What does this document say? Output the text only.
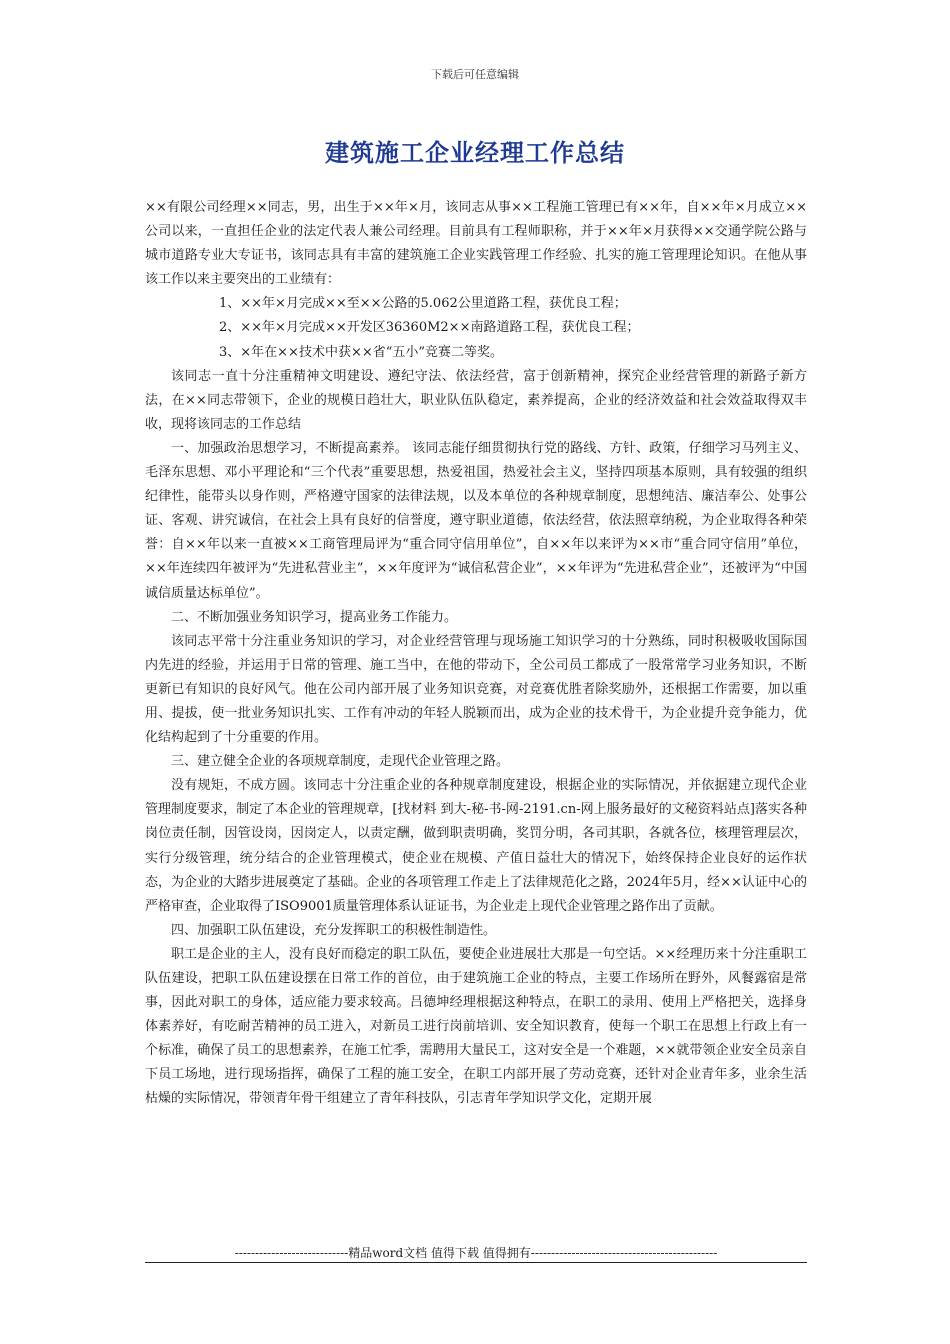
下载后可任意编辑
建筑施工企业经理工作总结

××有限公司经理××同志，男，出生于××年×月，该同志从事××工程施工管理已有××年，自××年×月成立××公司以来，一直担任企业的法定代表人兼公司经理。目前具有工程师职称，并于××年×月获得××交通学院公路与城市道路专业大专证书，该同志具有丰富的建筑施工企业实践管理工作经验、扎实的施工管理理论知识。在他从事该工作以来主要突出的工业绩有：

1、××年×月完成××至××公路的5.062公里道路工程，获优良工程；

2、××年×月完成××开发区36360M2××南路道路工程，获优良工程；

3、×年在××技术中获××省“五小”竞赛二等奖。

该同志一直十分注重精神文明建设、遵纪守法、依法经营，富于创新精神，探究企业经营管理的新路子新方法，在××同志带领下，企业的规模日趋壮大，职业队伍队稳定，素养提高，企业的经济效益和社会效益取得双丰收，现将该同志的工作总结

一、加强政治思想学习，不断提高素养。 该同志能仔细贯彻执行党的路线、方针、政策，仔细学习马列主义、毛泽东思想、邓小平理论和“三个代表”重要思想，热爱祖国，热爱社会主义，坚持四项基本原则，具有较强的组织纪律性，能带头以身作则，严格遵守国家的法律法规，以及本单位的各种规章制度，思想纯洁、廉洁奉公、处事公证、客观、讲究诚信，在社会上具有良好的信誉度，遵守职业道德，依法经营，依法照章纳税，为企业取得各种荣誉：自××年以来一直被××工商管理局评为“重合同守信用单位”，自××年以来评为××市“重合同守信用”单位，××年连续四年被评为“先进私营业主”，××年度评为“诚信私营企业”，××年评为“先进私营企业”，还被评为“中国诚信质量达标单位”。

二、不断加强业务知识学习，提高业务工作能力。

该同志平常十分注重业务知识的学习，对企业经营管理与现场施工知识学习的十分熟练，同时积极吸收国际国内先进的经验，并运用于日常的管理、施工当中，在他的带动下，全公司员工都成了一股常常学习业务知识，不断更新已有知识的良好风气。他在公司内部开展了业务知识竞赛，对竞赛优胜者除奖励外，还根据工作需要，加以重用、提拔，使一批业务知识扎实、工作有冲动的年轻人脱颖而出，成为企业的技术骨干，为企业提升竞争能力，优化结构起到了十分重要的作用。

三、建立健全企业的各项规章制度，走现代企业管理之路。

没有规矩，不成方圆。该同志十分注重企业的各种规章制度建设，根据企业的实际情况，并依据建立现代企业管理制度要求，制定了本企业的管理规章，[找材料 到大-秘-书-网-2191.cn-网上服务最好的文秘资料站点]落实各种岗位责任制，因管设岗，因岗定人，以责定酬，做到职责明确，奖罚分明，各司其职，各就各位，核理管理层次，实行分级管理，统分结合的企业管理模式，使企业在规模、产值日益壮大的情况下，始终保持企业良好的运作状态，为企业的大踏步进展奠定了基础。企业的各项管理工作走上了法律规范化之路，2024年5月，经××认证中心的严格审查，企业取得了ISO9001质量管理体系认证证书，为企业走上现代企业管理之路作出了贡献。

四、加强职工队伍建设，充分发挥职工的积极性制造性。

职工是企业的主人，没有良好而稳定的职工队伍，要使企业进展壮大那是一句空话。××经理历来十分注重职工队伍建设，把职工队伍建设摆在日常工作的首位，由于建筑施工企业的特点，主要工作场所在野外，风餐露宿是常事，因此对职工的身体，适应能力要求较高。吕德坤经理根据这种特点，在职工的录用、使用上严格把关，选择身体素养好，有吃耐苦精神的员工进入，对新员工进行岗前培训、安全知识教育，使每一个职工在思想上行政上有一个标准，确保了员工的思想素养，在施工忙季，需聘用大量民工，这对安全是一个难题，××就带领企业安全员亲自下员工场地，进行现场指挥，确保了工程的施工安全，在职工内部开展了劳动竞赛，还针对企业青年多，业余生活枯燥的实际情况，带领青年骨干组建立了青年科技队，引志青年学知识学文化，定期开展

----------------------------精品word文档 值得下载 值得拥有----------------------------------------------
